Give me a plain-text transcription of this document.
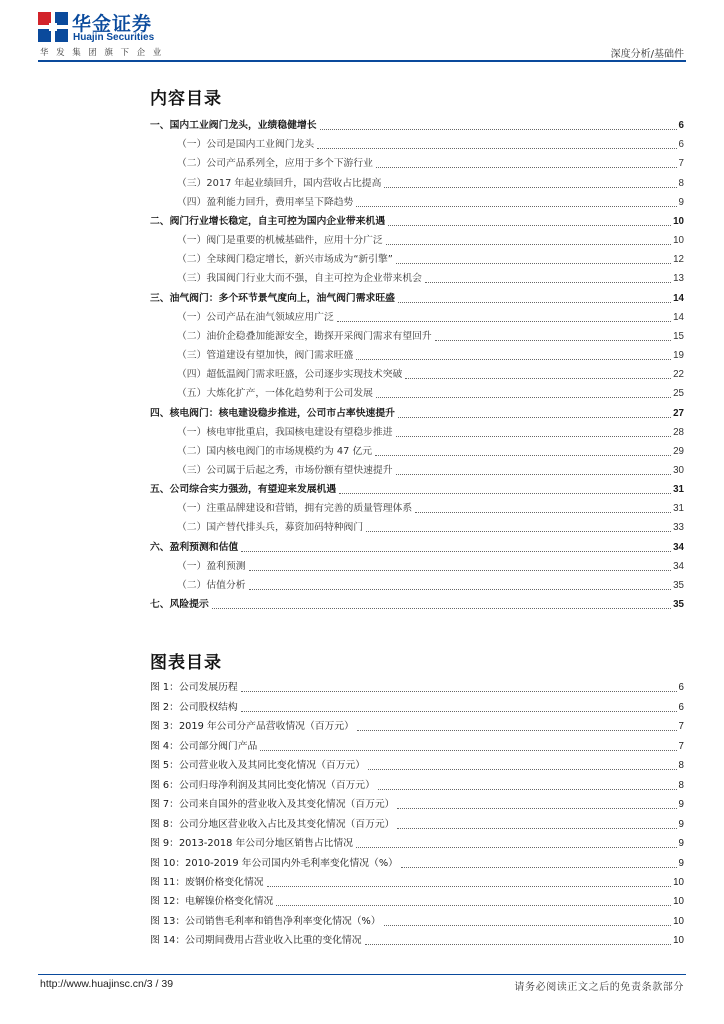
华金证券
Huajin Securities
华发集团旗下企业	深度分析/基础件
内容目录
一、国内工业阀门龙头，业绩稳健增长	6
（一）公司是国内工业阀门龙头	6
（二）公司产品系列全，应用于多个下游行业	7
（三）2017 年起业绩回升，国内营收占比提高	8
（四）盈利能力回升，费用率呈下降趋势	9
二、阀门行业增长稳定，自主可控为国内企业带来机遇	10
（一）阀门是重要的机械基础件，应用十分广泛	10
（二）全球阀门稳定增长，新兴市场成为“新引擎”	12
（三）我国阀门行业大而不强，自主可控为企业带来机会	13
三、油气阀门：多个环节景气度向上，油气阀门需求旺盛	14
（一）公司产品在油气领域应用广泛	14
（二）油价企稳叠加能源安全，勘探开采阀门需求有望回升	15
（三）管道建设有望加快，阀门需求旺盛	19
（四）超低温阀门需求旺盛，公司逐步实现技术突破	22
（五）大炼化扩产，一体化趋势利于公司发展	25
四、核电阀门：核电建设稳步推进，公司市占率快速提升	27
（一）核电审批重启，我国核电建设有望稳步推进	28
（二）国内核电阀门的市场规模约为 47 亿元	29
（三）公司属于后起之秀，市场份额有望快速提升	30
五、公司综合实力强劲，有望迎来发展机遇	31
（一）注重品牌建设和营销，拥有完善的质量管理体系	31
（二）国产替代排头兵，募资加码特种阀门	33
六、盈利预测和估值	34
（一）盈利预测	34
（二）估值分析	35
七、风险提示	35
图表目录
图 1：公司发展历程	6
图 2：公司股权结构	6
图 3：2019 年公司分产品营收情况（百万元）	7
图 4：公司部分阀门产品	7
图 5：公司营业收入及其同比变化情况（百万元）	8
图 6：公司归母净利润及其同比变化情况（百万元）	8
图 7：公司来自国外的营业收入及其变化情况（百万元）	9
图 8：公司分地区营业收入占比及其变化情况（百万元）	9
图 9：2013-2018 年公司分地区销售占比情况	9
图 10：2010-2019 年公司国内外毛利率变化情况（%）	9
图 11：废钢价格变化情况	10
图 12：电解镍价格变化情况	10
图 13：公司销售毛利率和销售净利率变化情况（%）	10
图 14：公司期间费用占营业收入比重的变化情况	10
http://www.huajinsc.cn/3 / 39	请务必阅读正文之后的免责条款部分
